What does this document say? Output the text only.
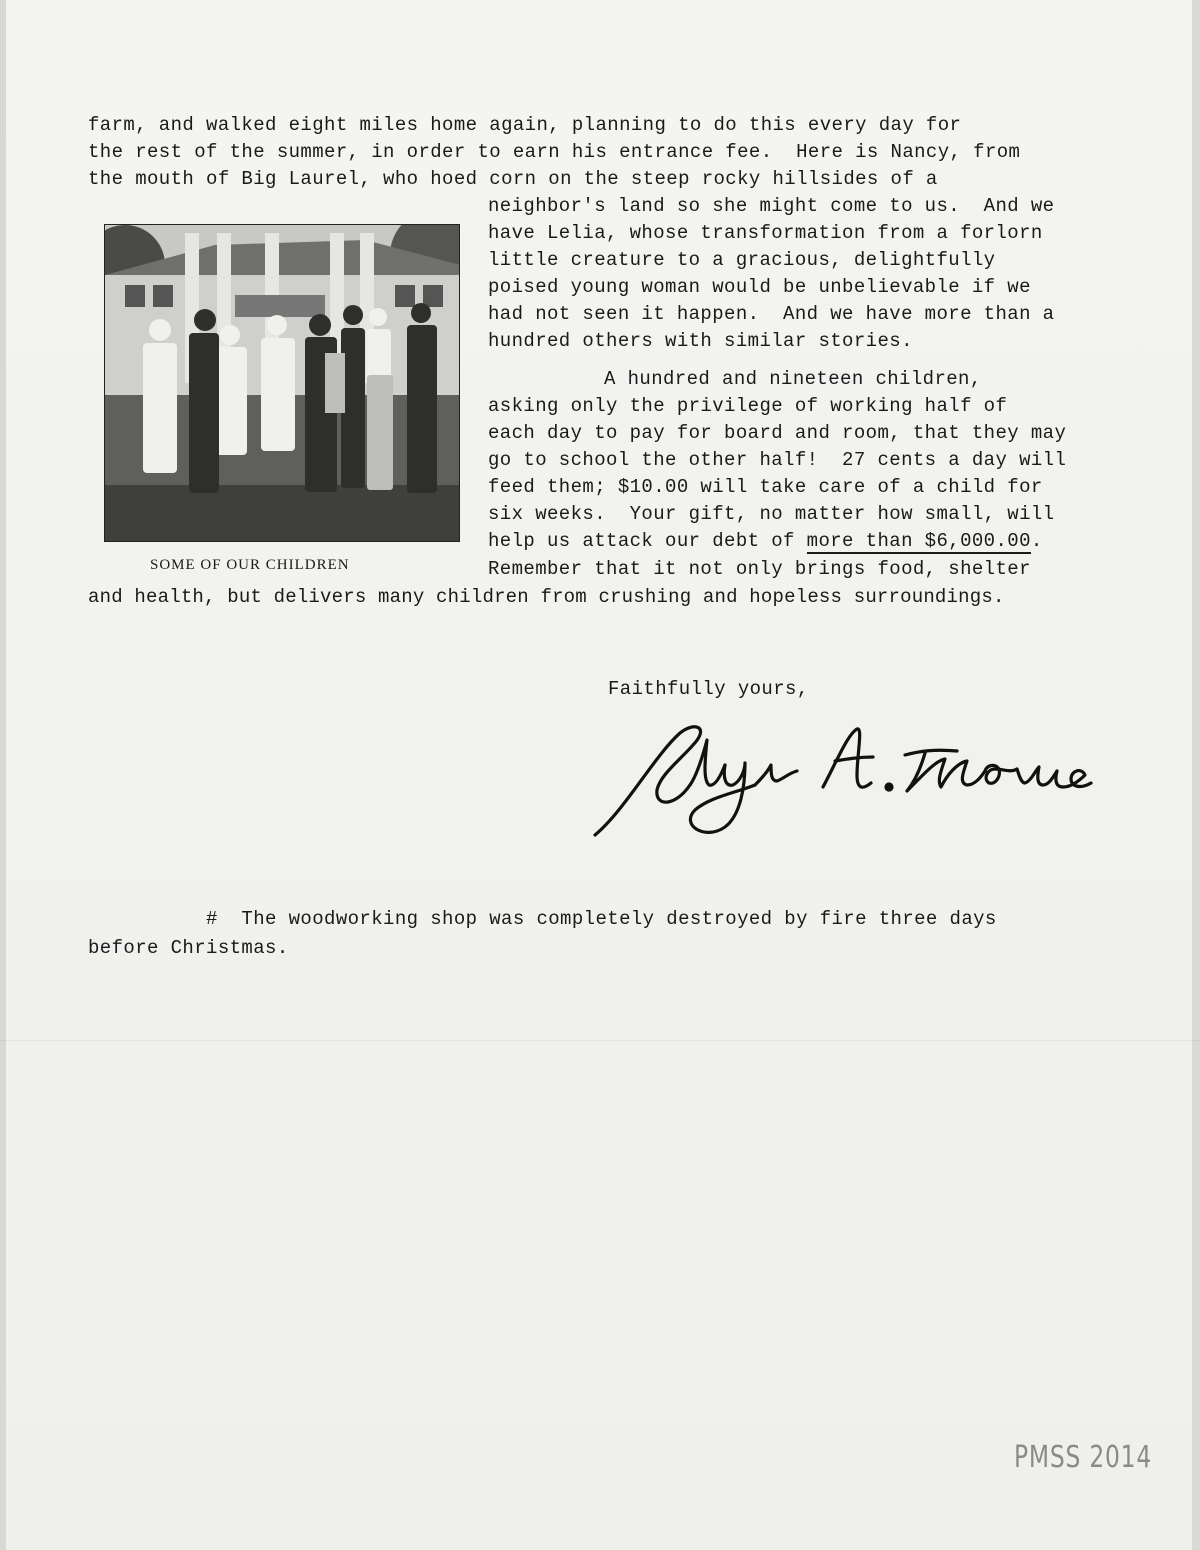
farm, and walked eight miles home again, planning to do this every day for
the rest of the summer, in order to earn his entrance fee.  Here is Nancy, from
the mouth of Big Laurel, who hoed corn on the steep rocky hillsides of a
neighbor's land so she might come to us.  And we
have Lelia, whose transformation from a forlorn
little creature to a gracious, delightfully
poised young woman would be unbelievable if we
had not seen it happen.  And we have more than a
hundred others with similar stories.
A hundred and nineteen children,
asking only the privilege of working half of
each day to pay for board and room, that they may
go to school the other half!  27 cents a day will
feed them; $10.00 will take care of a child for
six weeks.  Your gift, no matter how small, will
help us attack our debt of more than $6,000.00.
Remember that it not only brings food, shelter
and health, but delivers many children from crushing and hopeless surroundings.
SOME OF OUR CHILDREN
Faithfully yours,
#  The woodworking shop was completely destroyed by fire three days
before Christmas.
PMSS 2014
